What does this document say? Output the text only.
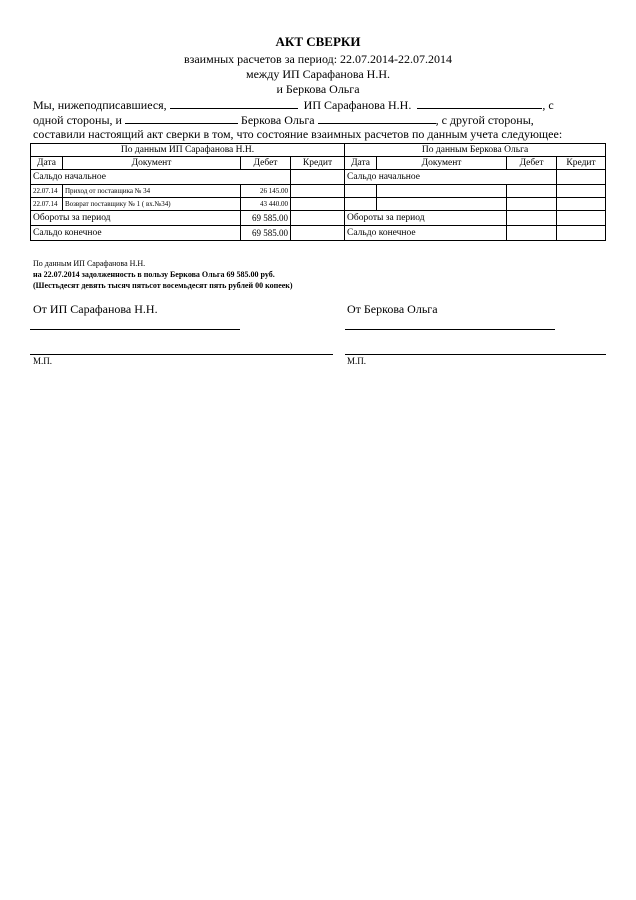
АКТ СВЕРКИ
взаимных расчетов за период: 22.07.2014-22.07.2014
между ИП Сарафанова Н.Н.
и Беркова Ольга
Мы, нижеподписавшиеся,	ИП Сарафанова Н.Н.	, с
одной стороны, и	Беркова Ольга	, с другой стороны,
составили настоящий акт сверки в том, что состояние взаимных расчетов по данным учета следующее:
По данным ИП Сарафанова Н.Н.				По данным Беркова Ольга			
Дата	Документ	Дебет	Кредит	Дата	Документ	Дебет	Кредит
Сальдо начальное				Сальдо начальное			
22.07.14	Приход от поставщика № 34	26 145.00					
22.07.14	Возврат поставщику № 1 ( вх.№34)	43 440.00					
Обороты за период		69 585.00		Обороты за период			
Сальдо конечное		69 585.00		Сальдо конечное			
По данным ИП Сарафанова Н.Н.
на 22.07.2014 задолженность в пользу Беркова Ольга 69 585.00 руб.
(Шестьдесят девять тысяч пятьсот восемьдесят пять рублей 00 копеек)
От ИП Сарафанова Н.Н.
М.П.
От Беркова Ольга
М.П.
